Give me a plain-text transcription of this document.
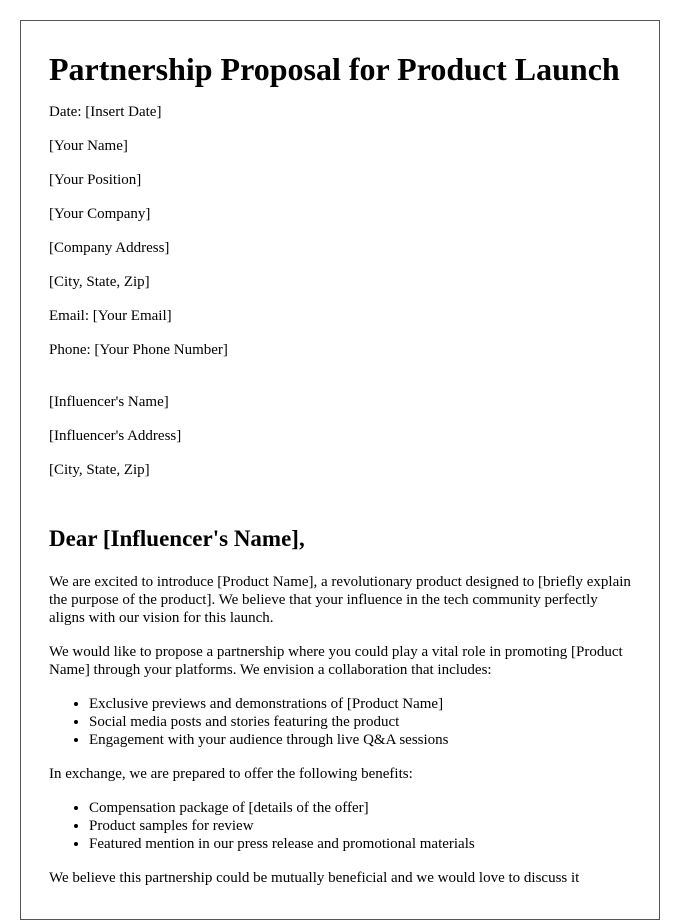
Partnership Proposal for Product Launch
Date: [Insert Date]
[Your Name]
[Your Position]
[Your Company]
[Company Address]
[City, State, Zip]
Email: [Your Email]
Phone: [Your Phone Number]
[Influencer's Name]
[Influencer's Address]
[City, State, Zip]
Dear [Influencer's Name],

We are excited to introduce [Product Name], a revolutionary product designed to [briefly explain the purpose of the product]. We believe that your influence in the tech community perfectly aligns with our vision for this launch.

We would like to propose a partnership where you could play a vital role in promoting [Product Name] through your platforms. We envision a collaboration that includes:

• Exclusive previews and demonstrations of [Product Name]
• Social media posts and stories featuring the product
• Engagement with your audience through live Q&A sessions

In exchange, we are prepared to offer the following benefits:

• Compensation package of [details of the offer]
• Product samples for review
• Featured mention in our press release and promotional materials

We believe this partnership could be mutually beneficial and we would love to discuss it
